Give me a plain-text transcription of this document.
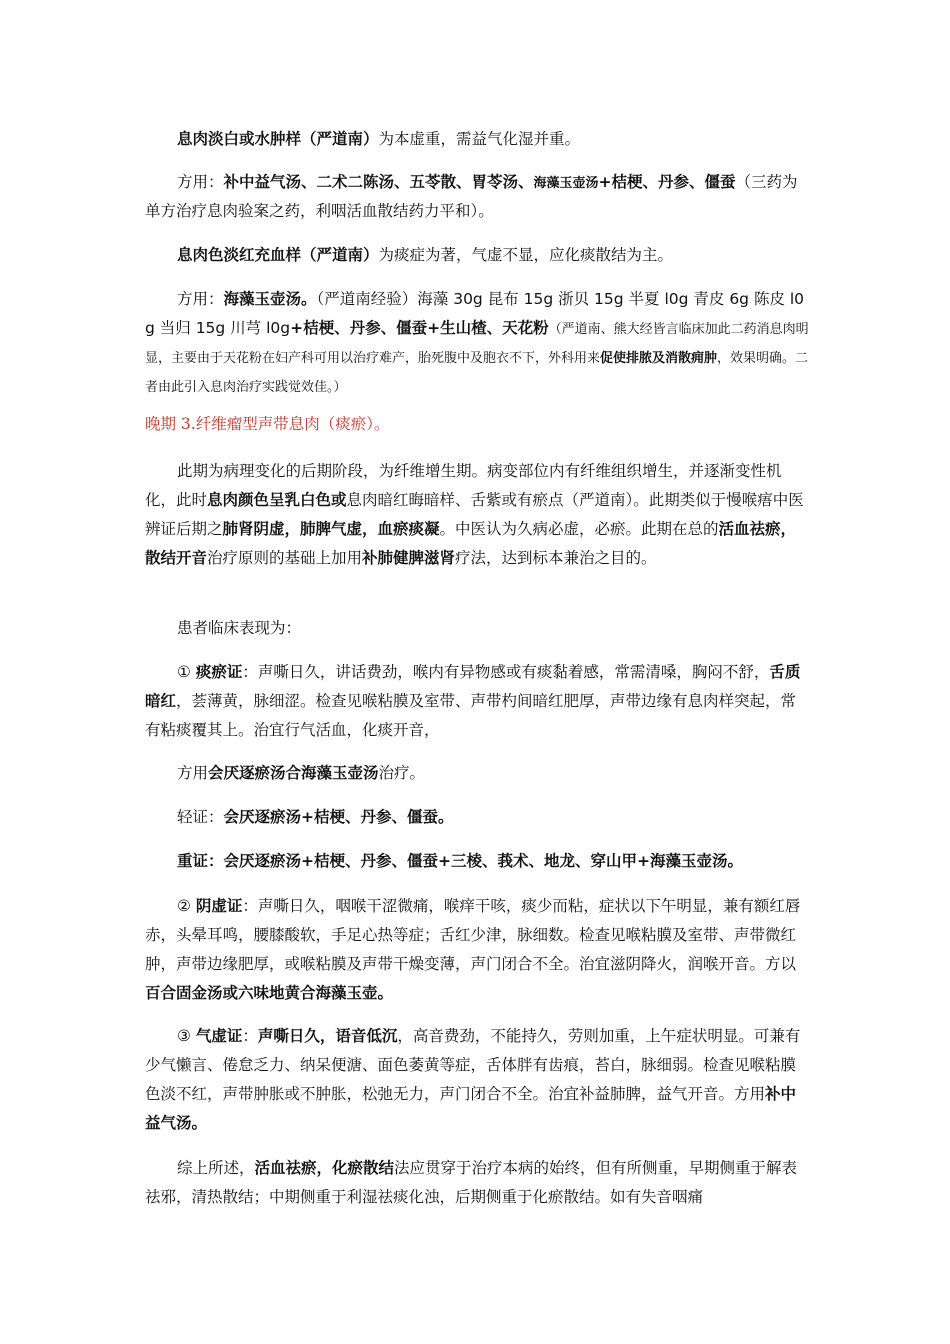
息肉淡白或水肿样（严道南）为本虚重，需益气化湿并重。

方用：补中益气汤、二术二陈汤、五苓散、胃苓汤、海藻玉壶汤+桔梗、丹参、僵蚕（三药为单方治疗息肉验案之药，利咽活血散结药力平和）。

息肉色淡红充血样（严道南）为痰症为著，气虚不显，应化痰散结为主。

方用：海藻玉壶汤。（严道南经验）海藻 30g 昆布 15g 浙贝 15g 半夏 l0g 青皮 6g 陈皮 l0g 当归 15g 川芎 l0g+桔梗、丹参、僵蚕+生山楂、天花粉（严道南、熊大经皆言临床加此二药消息肉明显，主要由于天花粉在妇产科可用以治疗难产，胎死腹中及胞衣不下，外科用来促使排脓及消散痈肿，效果明确。二者由此引入息肉治疗实践觉效佳。）

晚期 3.纤维瘤型声带息肉（痰瘀）。

此期为病理变化的后期阶段，为纤维增生期。病变部位内有纤维组织增生，并逐渐变性机化，此时息肉颜色呈乳白色或息肉暗红晦暗样、舌紫或有瘀点（严道南）。此期类似于慢喉痦中医辨证后期之肺肾阴虚，肺脾气虚，血瘀痰凝。中医认为久病必虚，必瘀。此期在总的活血祛瘀，散结开音治疗原则的基础上加用补肺健脾滋肾疗法，达到标本兼治之目的。

患者临床表现为：

① 痰瘀证：声嘶日久，讲话费劲，喉内有异物感或有痰黏着感，常需清嗓，胸闷不舒，舌质暗红，荟薄黄，脉细涩。检查见喉粘膜及室带、声带杓间暗红肥厚，声带边缘有息肉样突起，常有粘痰覆其上。治宜行气活血，化痰开音，

方用会厌逐瘀汤合海藻玉壶汤治疗。

轻证：会厌逐瘀汤+桔梗、丹参、僵蚕。

重证：会厌逐瘀汤+桔梗、丹参、僵蚕+三棱、莪术、地龙、穿山甲+海藻玉壶汤。

② 阴虚证：声嘶日久，咽喉干涩微痛，喉痒干咳，痰少而粘，症状以下午明显，兼有额红唇赤，头晕耳鸣，腰膝酸软，手足心热等症；舌红少津，脉细数。检查见喉粘膜及室带、声带微红肿，声带边缘肥厚，或喉粘膜及声带干燥变薄，声门闭合不全。治宜滋阴降火，润喉开音。方以百合固金汤或六味地黄合海藻玉壶。

③ 气虚证：声嘶日久，语音低沉，高音费劲，不能持久，劳则加重，上午症状明显。可兼有少气懒言、倦怠乏力、纳呆便溏、面色萎黄等症，舌体胖有齿痕，苔白，脉细弱。检查见喉粘膜色淡不红，声带肿胀或不肿胀，松弛无力，声门闭合不全。治宜补益肺脾，益气开音。方用补中益气汤。

综上所述，活血祛瘀，化瘀散结法应贯穿于治疗本病的始终，但有所侧重，早期侧重于解表祛邪，清热散结；中期侧重于利湿祛痰化浊，后期侧重于化瘀散结。如有失音咽痛
